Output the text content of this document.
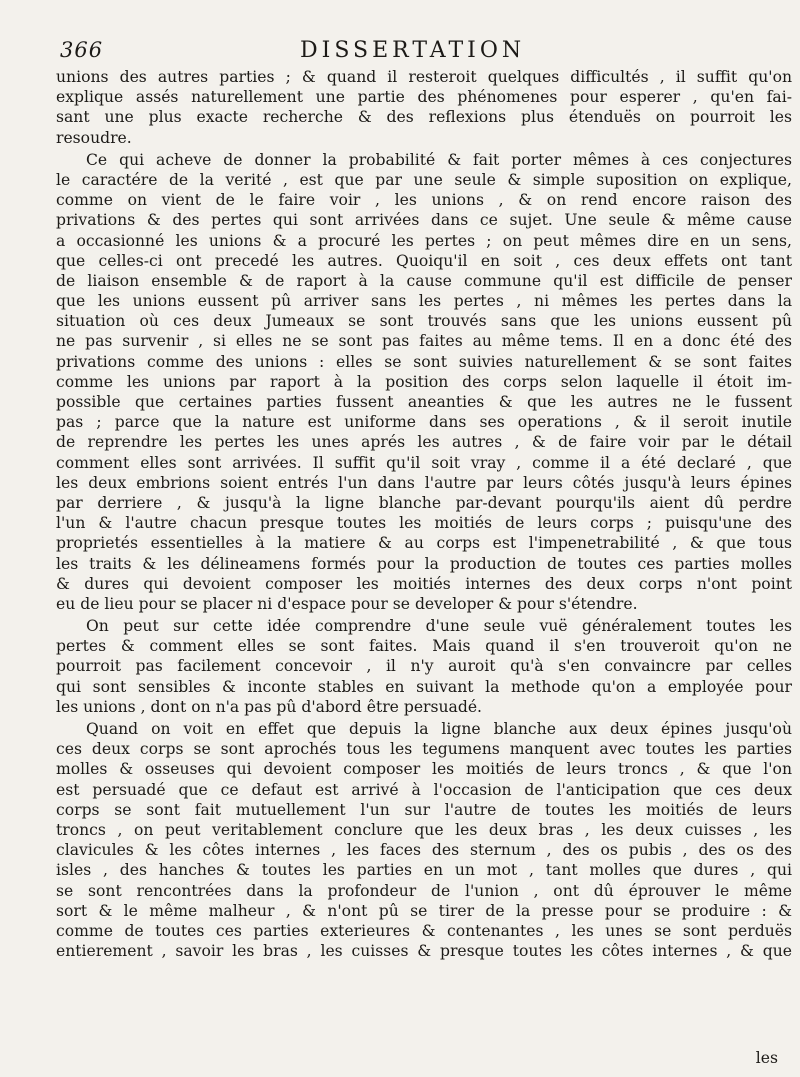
366	DISSERTATION
unions des autres parties ; & quand il resteroit quelques difficultés , il suffit qu'on
explique assés naturellement une partie des phénomenes pour esperer , qu'en fai-
sant une plus exacte recherche & des reflexions plus étenduës on pourroit les
resoudre.
Ce qui acheve de donner la probabilité & fait porter mêmes à ces conjectures
le caractére de la verité , est que par une seule & simple suposition on explique,
comme on vient de le faire voir , les unions , & on rend encore raison des
privations & des pertes qui sont arrivées dans ce sujet. Une seule & même cause
a occasionné les unions & a procuré les pertes ; on peut mêmes dire en un sens,
que celles-ci ont precedé les autres. Quoiqu'il en soit , ces deux effets ont tant
de liaison ensemble & de raport à la cause commune qu'il est difficile de penser
que les unions eussent pû arriver sans les pertes , ni mêmes les pertes dans la
situation où ces deux Jumeaux se sont trouvés sans que les unions eussent pû
ne pas survenir , si elles ne se sont pas faites au même tems. Il en a donc été des
privations comme des unions : elles se sont suivies naturellement & se sont faites
comme les unions par raport à la position des corps selon laquelle il étoit im-
possible que certaines parties fussent aneanties & que les autres ne le fussent
pas ; parce que la nature est uniforme dans ses operations , & il seroit inutile
de reprendre les pertes les unes aprés les autres , & de faire voir par le détail
comment elles sont arrivées. Il suffit qu'il soit vray , comme il a été declaré , que
les deux embrions soient entrés l'un dans l'autre par leurs côtés jusqu'à leurs épines
par derriere , & jusqu'à la ligne blanche par-devant pourqu'ils aient dû perdre
l'un & l'autre chacun presque toutes les moitiés de leurs corps ; puisqu'une des
proprietés essentielles à la matiere & au corps est l'impenetrabilité , & que tous
les traits & les délineamens formés pour la production de toutes ces parties molles
& dures qui devoient composer les moitiés internes des deux corps n'ont point
eu de lieu pour se placer ni d'espace pour se developer & pour s'étendre.
On peut sur cette idée comprendre d'une seule vuë généralement toutes les
pertes & comment elles se sont faites. Mais quand il s'en trouveroit qu'on ne
pourroit pas facilement concevoir , il n'y auroit qu'à s'en convaincre par celles
qui sont sensibles & inconte stables en suivant la methode qu'on a employée pour
les unions , dont on n'a pas pû d'abord être persuadé.
Quand on voit en effet que depuis la ligne blanche aux deux épines jusqu'où
ces deux corps se sont aprochés tous les tegumens manquent avec toutes les parties
molles & osseuses qui devoient composer les moitiés de leurs troncs , & que l'on
est persuadé que ce defaut est arrivé à l'occasion de l'anticipation que ces deux
corps se sont fait mutuellement l'un sur l'autre de toutes les moitiés de leurs
troncs , on peut veritablement conclure que les deux bras , les deux cuisses , les
clavicules & les côtes internes , les faces des sternum , des os pubis , des os des
isles , des hanches & toutes les parties en un mot , tant molles que dures , qui
se sont rencontrées dans la profondeur de l'union , ont dû éprouver le même
sort & le même malheur , & n'ont pû se tirer de la presse pour se produire : &
comme de toutes ces parties exterieures & contenantes , les unes se sont perduës
entierement , savoir les bras , les cuisses & presque toutes les côtes internes , & que
les
